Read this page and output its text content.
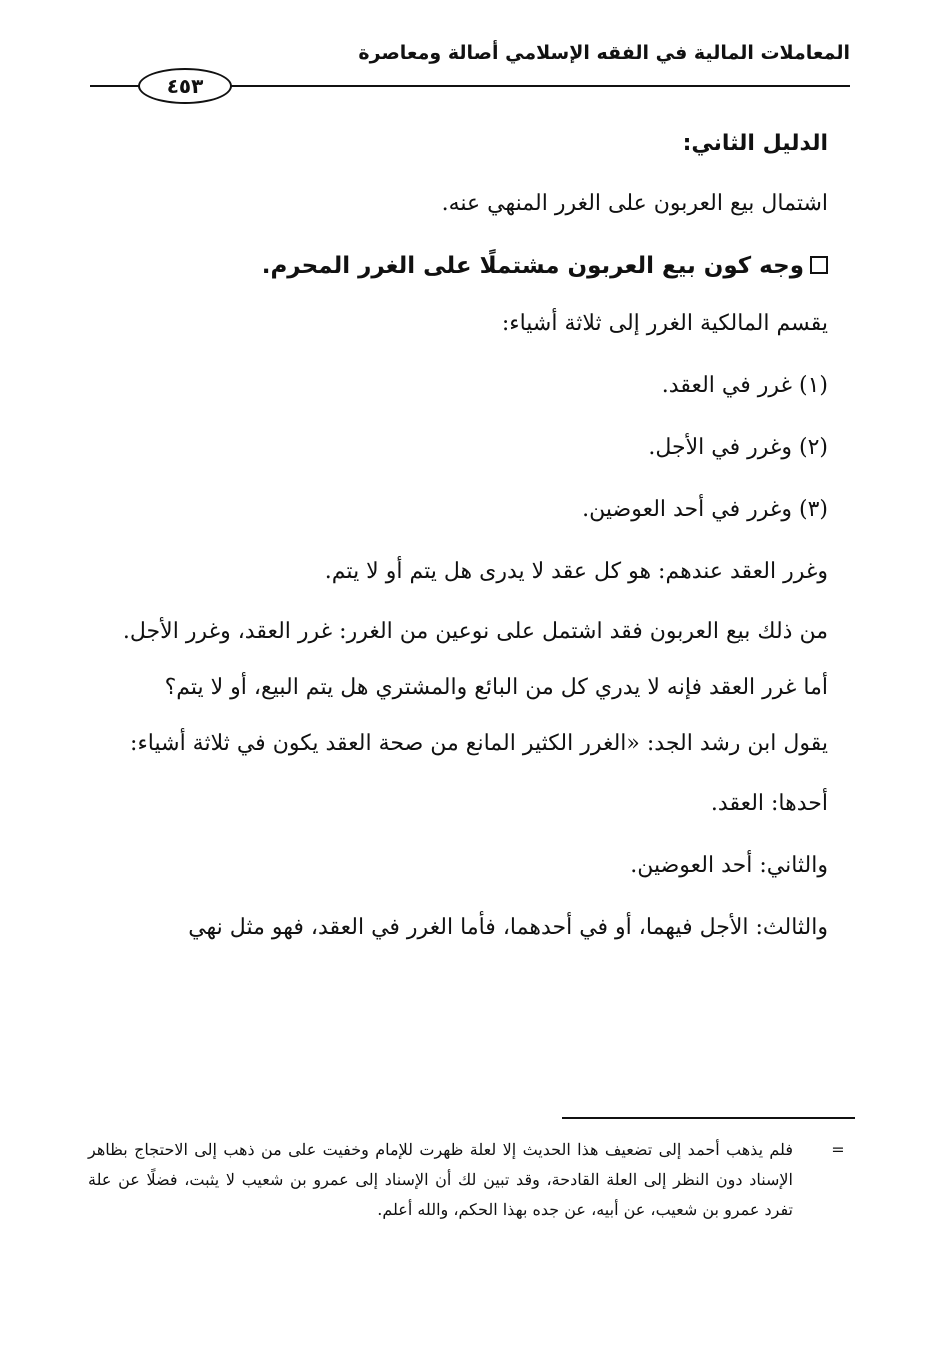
المعاملات المالية في الفقه الإسلامي أصالة ومعاصرة
٤٥٣

الدليل الثاني:

اشتمال بيع العربون على الغرر المنهي عنه.

وجه كون بيع العربون مشتملًا على الغرر المحرم.

يقسم المالكية الغرر إلى ثلاثة أشياء:

(١) غرر في العقد.

(٢) وغرر في الأجل.

(٣) وغرر في أحد العوضين.

وغرر العقد عندهم: هو كل عقد لا يدرى هل يتم أو لا يتم.

من ذلك بيع العربون فقد اشتمل على نوعين من الغرر: غرر العقد، وغرر الأجل.

أما غرر العقد فإنه لا يدري كل من البائع والمشتري هل يتم البيع، أو لا يتم؟

يقول ابن رشد الجد: «الغرر الكثير المانع من صحة العقد يكون في ثلاثة أشياء:

أحدها: العقد.

والثاني: أحد العوضين.

والثالث: الأجل فيهما، أو في أحدهما، فأما الغرر في العقد، فهو مثل نهي

=
فلم يذهب أحمد إلى تضعيف هذا الحديث إلا لعلة ظهرت للإمام وخفيت على من ذهب إلى الاحتجاج بظاهر الإسناد دون النظر إلى العلة القادحة، وقد تبين لك أن الإسناد إلى عمرو بن شعيب لا يثبت، فضلًا عن علة تفرد عمرو بن شعيب، عن أبيه، عن جده بهذا الحكم، والله أعلم.
